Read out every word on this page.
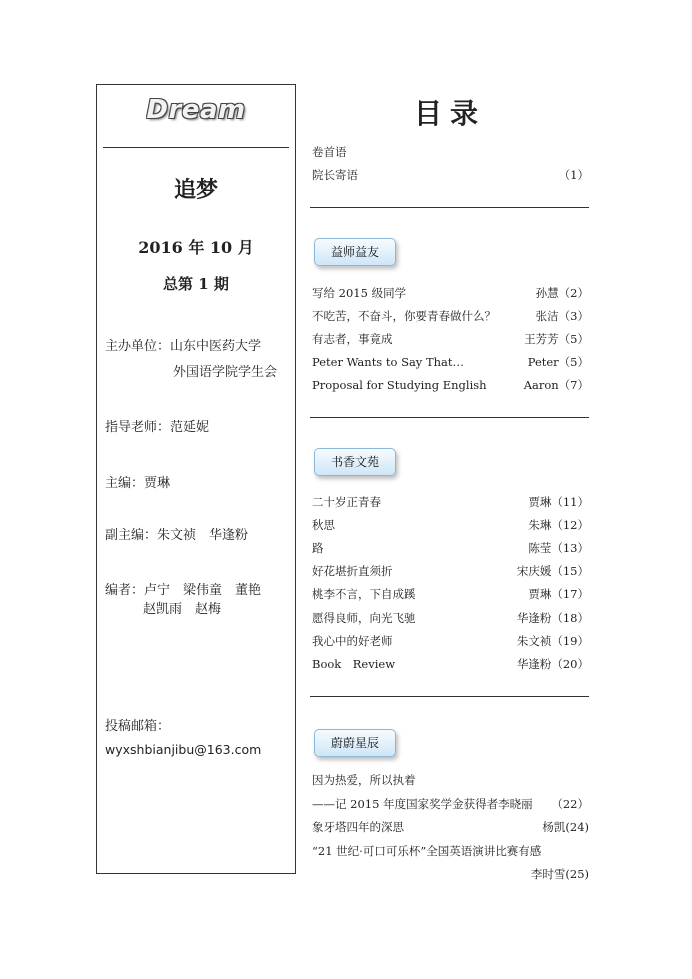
Dream
追梦
2016 年 10 月
总第 1 期
主办单位：山东中医药大学
外国语学院学生会
指导老师：范延妮
主编：贾琳
副主编：朱文祯　华逢粉
编者：卢宁　梁伟童　董艳
赵凯雨　赵梅
投稿邮箱：
wyxshbianjibu@163.com
目录
卷首语
院长寄语	（1）
益师益友
写给 2015 级同学	孙慧（2）
不吃苦，不奋斗，你要青春做什么？	张洁（3）
有志者，事竟成	王芳芳（5）
Peter Wants to Say That…	Peter（5）
Proposal for Studying English	Aaron（7）
书香文苑
二十岁正青春	贾琳（11）
秋思	朱琳（12）
路	陈莹（13）
好花堪折直须折	宋庆媛（15）
桃李不言，下自成蹊	贾琳（17）
愿得良师，向光飞驰	华逢粉（18）
我心中的好老师	朱文祯（19）
Book　Review	华逢粉（20）
蔚蔚星辰
因为热爱，所以执着
——记 2015 年度国家奖学金获得者李晓丽 （22）
象牙塔四年的深思	杨凯(24)
“21 世纪·可口可乐杯”全国英语演讲比赛有感
李时雪(25)
